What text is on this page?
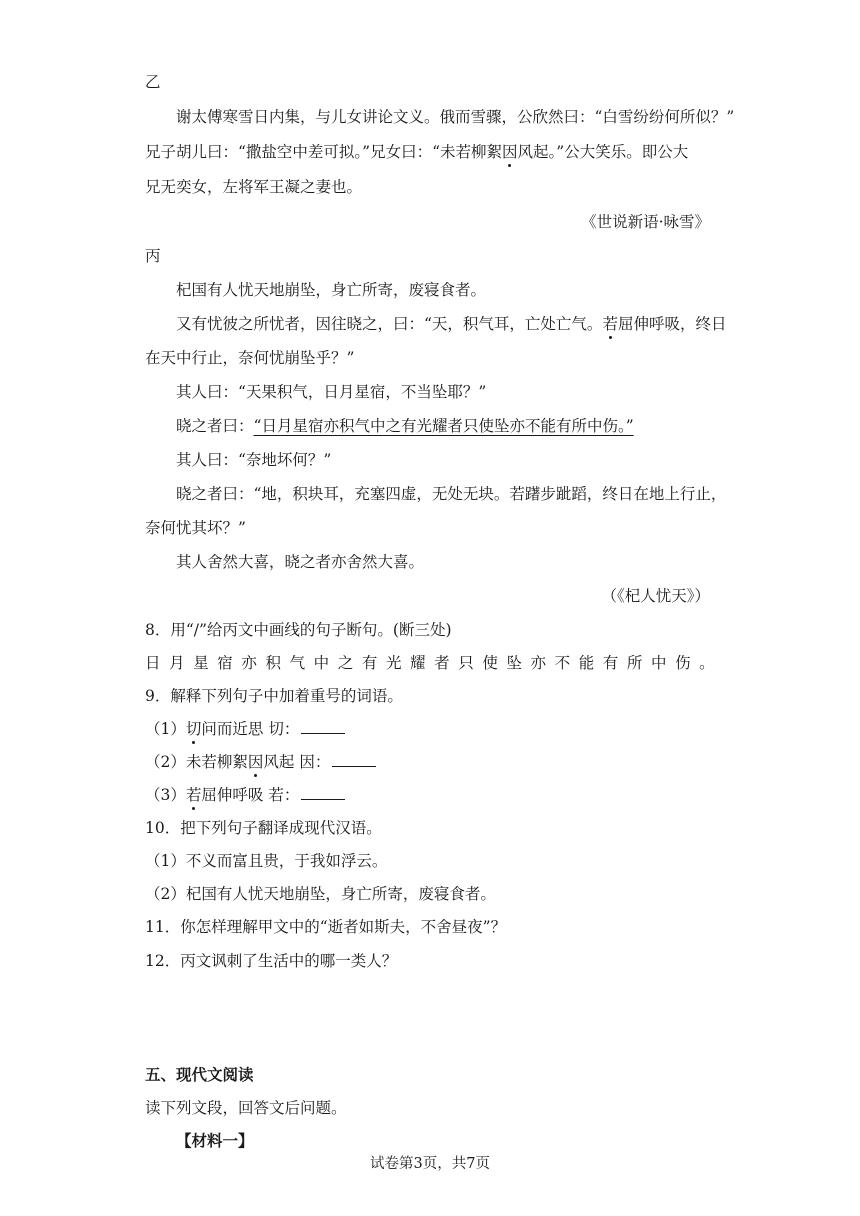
乙
谢太傅寒雪日内集，与儿女讲论文义。俄而雪骤，公欣然曰：“白雪纷纷何所似？”
兄子胡儿曰：“撒盐空中差可拟。”兄女曰：“未若柳絮因风起。”公大笑乐。即公大
兄无奕女，左将军王凝之妻也。
《世说新语·咏雪》
丙
杞国有人忧天地崩坠，身亡所寄，废寝食者。
又有忧彼之所忧者，因往晓之，曰：“天，积气耳，亡处亡气。若屈伸呼吸，终日
在天中行止，奈何忧崩坠乎？”
其人曰：“天果积气，日月星宿，不当坠耶？”
晓之者曰：“日月星宿亦积气中之有光耀者只使坠亦不能有所中伤。”
其人曰：“奈地坏何？”
晓之者曰：“地，积块耳，充塞四虚，无处无块。若躇步跐蹈，终日在地上行止，
奈何忧其坏？”
其人舍然大喜，晓之者亦舍然大喜。
（《杞人忧天》）
8．用“/”给丙文中画线的句子断句。(断三处)
日 月 星 宿 亦 积 气 中 之 有 光 耀 者 只 使 坠 亦 不 能 有 所 中 伤 。
9．解释下列句子中加着重号的词语。
（1）切问而近思 切：
（2）未若柳絮因风起 因：
（3）若屈伸呼吸 若：
10．把下列句子翻译成现代汉语。
（1）不义而富且贵，于我如浮云。
（2）杞国有人忧天地崩坠，身亡所寄，废寝食者。
11．你怎样理解甲文中的“逝者如斯夫，不舍昼夜”？
12．丙文讽刺了生活中的哪一类人？
五、现代文阅读
读下列文段，回答文后问题。
【材料一】
试卷第3页，共7页
